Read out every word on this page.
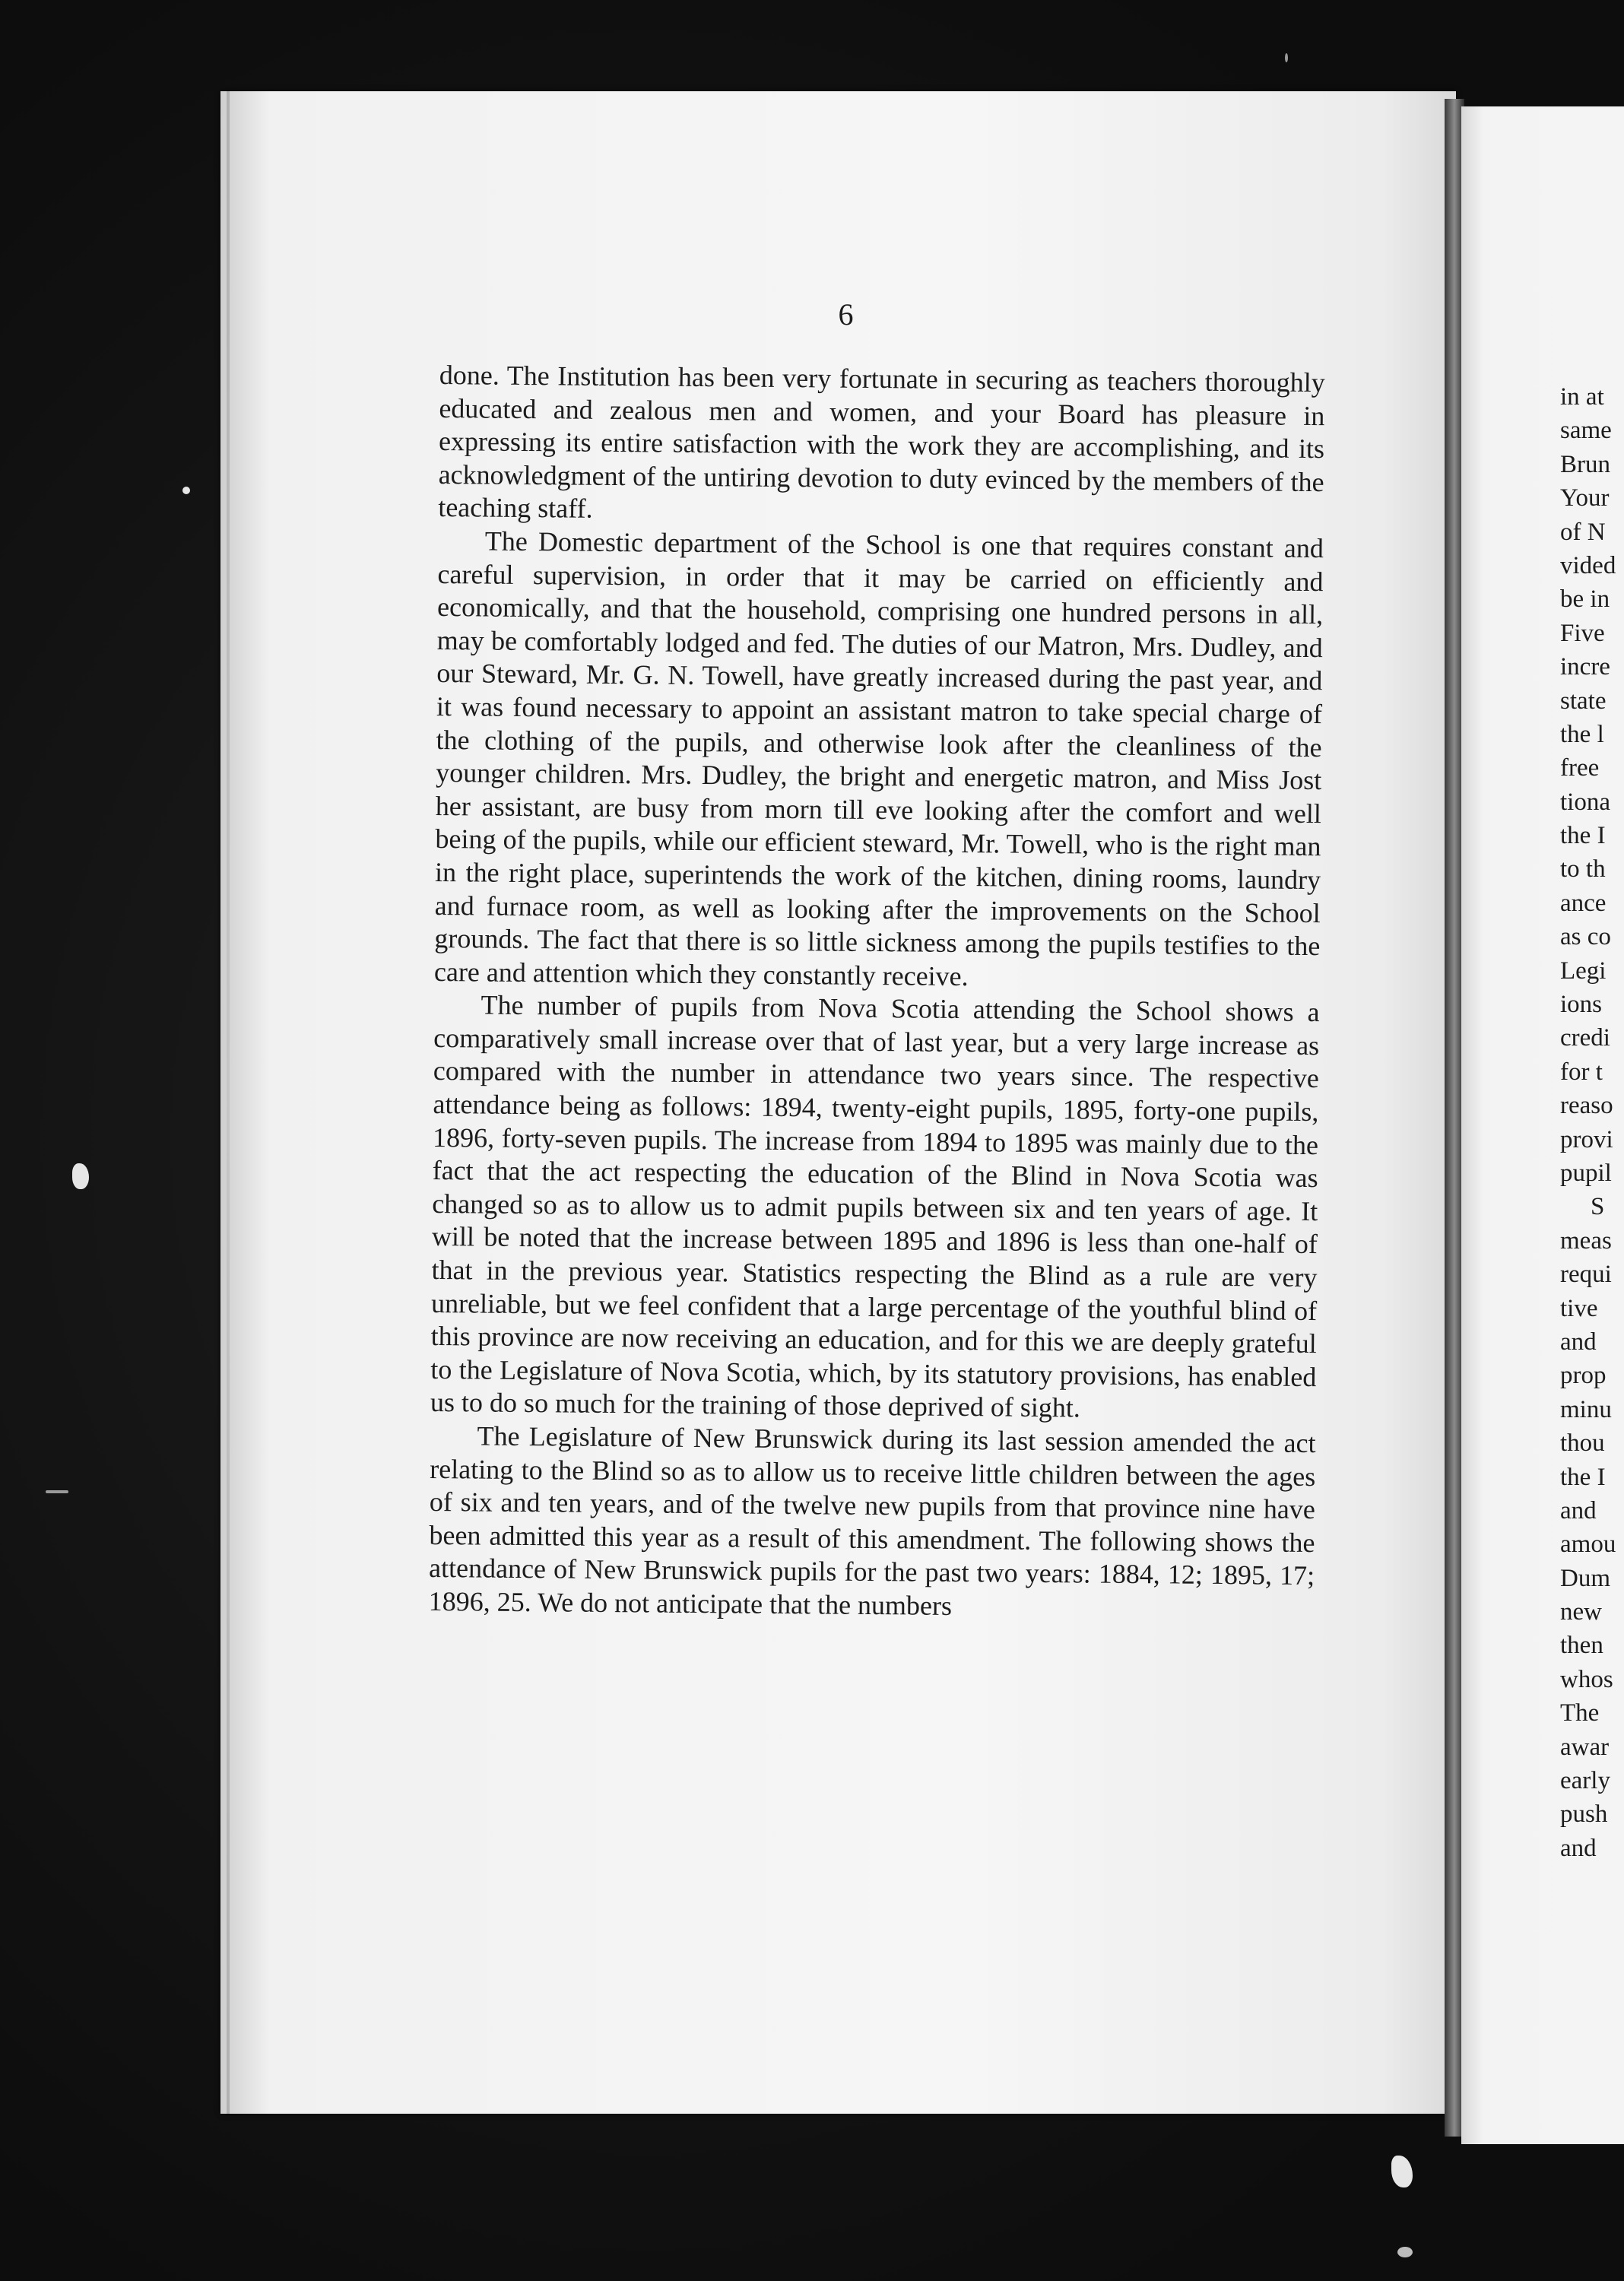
6

done. The Institution has been very fortunate in securing as teachers thoroughly educated and zealous men and women, and your Board has pleasure in expressing its entire satisfaction with the work they are accomplishing, and its acknowledgment of the untiring devotion to duty evinced by the members of the teaching staff.

The Domestic department of the School is one that requires constant and careful supervision, in order that it may be carried on efficiently and economically, and that the household, comprising one hundred persons in all, may be comfortably lodged and fed. The duties of our Matron, Mrs. Dudley, and our Steward, Mr. G. N. Towell, have greatly increased during the past year, and it was found necessary to appoint an assistant matron to take special charge of the clothing of the pupils, and otherwise look after the cleanliness of the younger children. Mrs. Dudley, the bright and energetic matron, and Miss Jost her assistant, are busy from morn till eve looking after the comfort and well being of the pupils, while our efficient steward, Mr. Towell, who is the right man in the right place, superintends the work of the kitchen, dining rooms, laundry and furnace room, as well as looking after the improvements on the School grounds. The fact that there is so little sickness among the pupils testifies to the care and attention which they constantly receive.

The number of pupils from Nova Scotia attending the School shows a comparatively small increase over that of last year, but a very large increase as compared with the number in attendance two years since. The respective attendance being as follows: 1894, twenty-eight pupils, 1895, forty-one pupils, 1896, forty-seven pupils. The increase from 1894 to 1895 was mainly due to the fact that the act respecting the education of the Blind in Nova Scotia was changed so as to allow us to admit pupils between six and ten years of age. It will be noted that the increase between 1895 and 1896 is less than one-half of that in the previous year. Statistics respecting the Blind as a rule are very unreliable, but we feel confident that a large percentage of the youthful blind of this province are now receiving an education, and for this we are deeply grateful to the Legislature of Nova Scotia, which, by its statutory provisions, has enabled us to do so much for the training of those deprived of sight.

The Legislature of New Brunswick during its last session amended the act relating to the Blind so as to allow us to receive little children between the ages of six and ten years, and of the twelve new pupils from that province nine have been admitted this year as a result of this amendment. The following shows the attendance of New Brunswick pupils for the past two years: 1884, 12; 1895, 17; 1896, 25. We do not anticipate that the numbers

in at
same
Brun
Your
of N
vided
be in
Five
incre
state
the l
free
tiona
the I
to th
ance
as co
Legi
ions
credi
for t
reaso
provi
pupil
S
meas
requi
tive
and
prop
minu
thou
the I
and
amou
Dum
new
then
whos
The
awar
early
push
and
